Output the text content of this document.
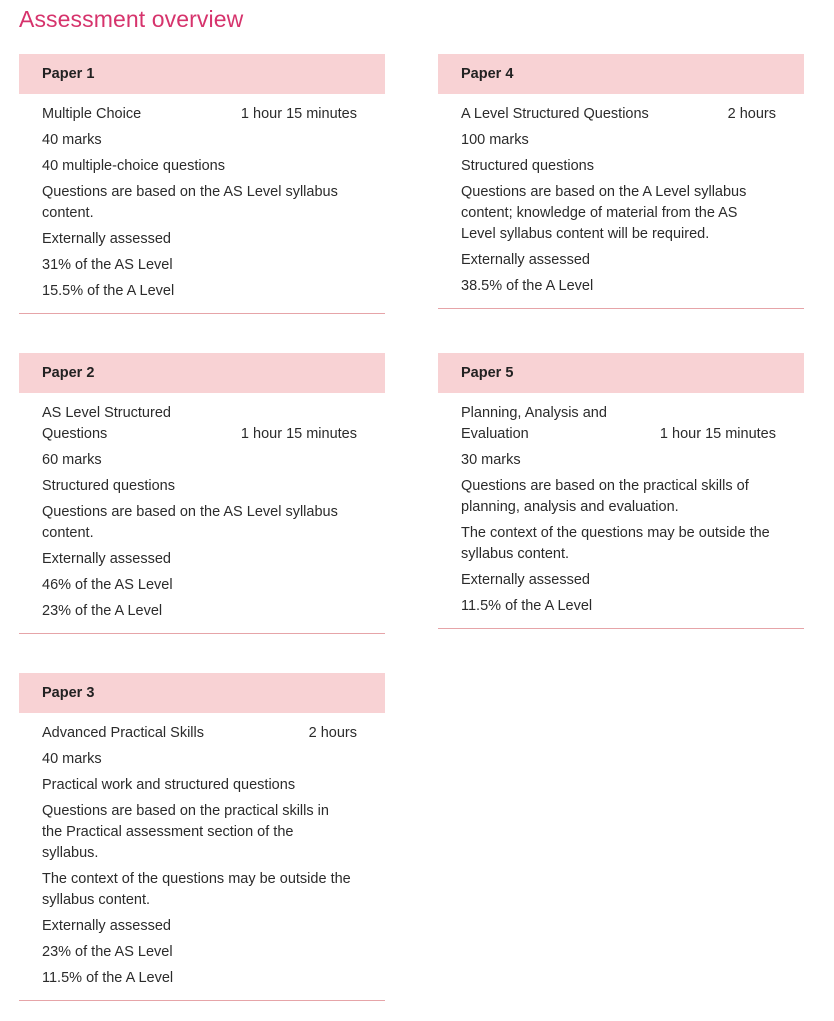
Assessment overview
Paper 1
Multiple Choice	1 hour 15 minutes
40 marks
40 multiple-choice questions
Questions are based on the AS Level syllabus content.
Externally assessed
31% of the AS Level
15.5% of the A Level
Paper 4
A Level Structured Questions	2 hours
100 marks
Structured questions
Questions are based on the A Level syllabus content; knowledge of material from the AS Level syllabus content will be required.
Externally assessed
38.5% of the A Level
Paper 2
AS Level Structured Questions	1 hour 15 minutes
60 marks
Structured questions
Questions are based on the AS Level syllabus content.
Externally assessed
46% of the AS Level
23% of the A Level
Paper 5
Planning, Analysis and Evaluation	1 hour 15 minutes
30 marks
Questions are based on the practical skills of planning, analysis and evaluation.
The context of the questions may be outside the syllabus content.
Externally assessed
11.5% of the A Level
Paper 3
Advanced Practical Skills	2 hours
40 marks
Practical work and structured questions
Questions are based on the practical skills in the Practical assessment section of the syllabus.
The context of the questions may be outside the syllabus content.
Externally assessed
23% of the AS Level
11.5% of the A Level
